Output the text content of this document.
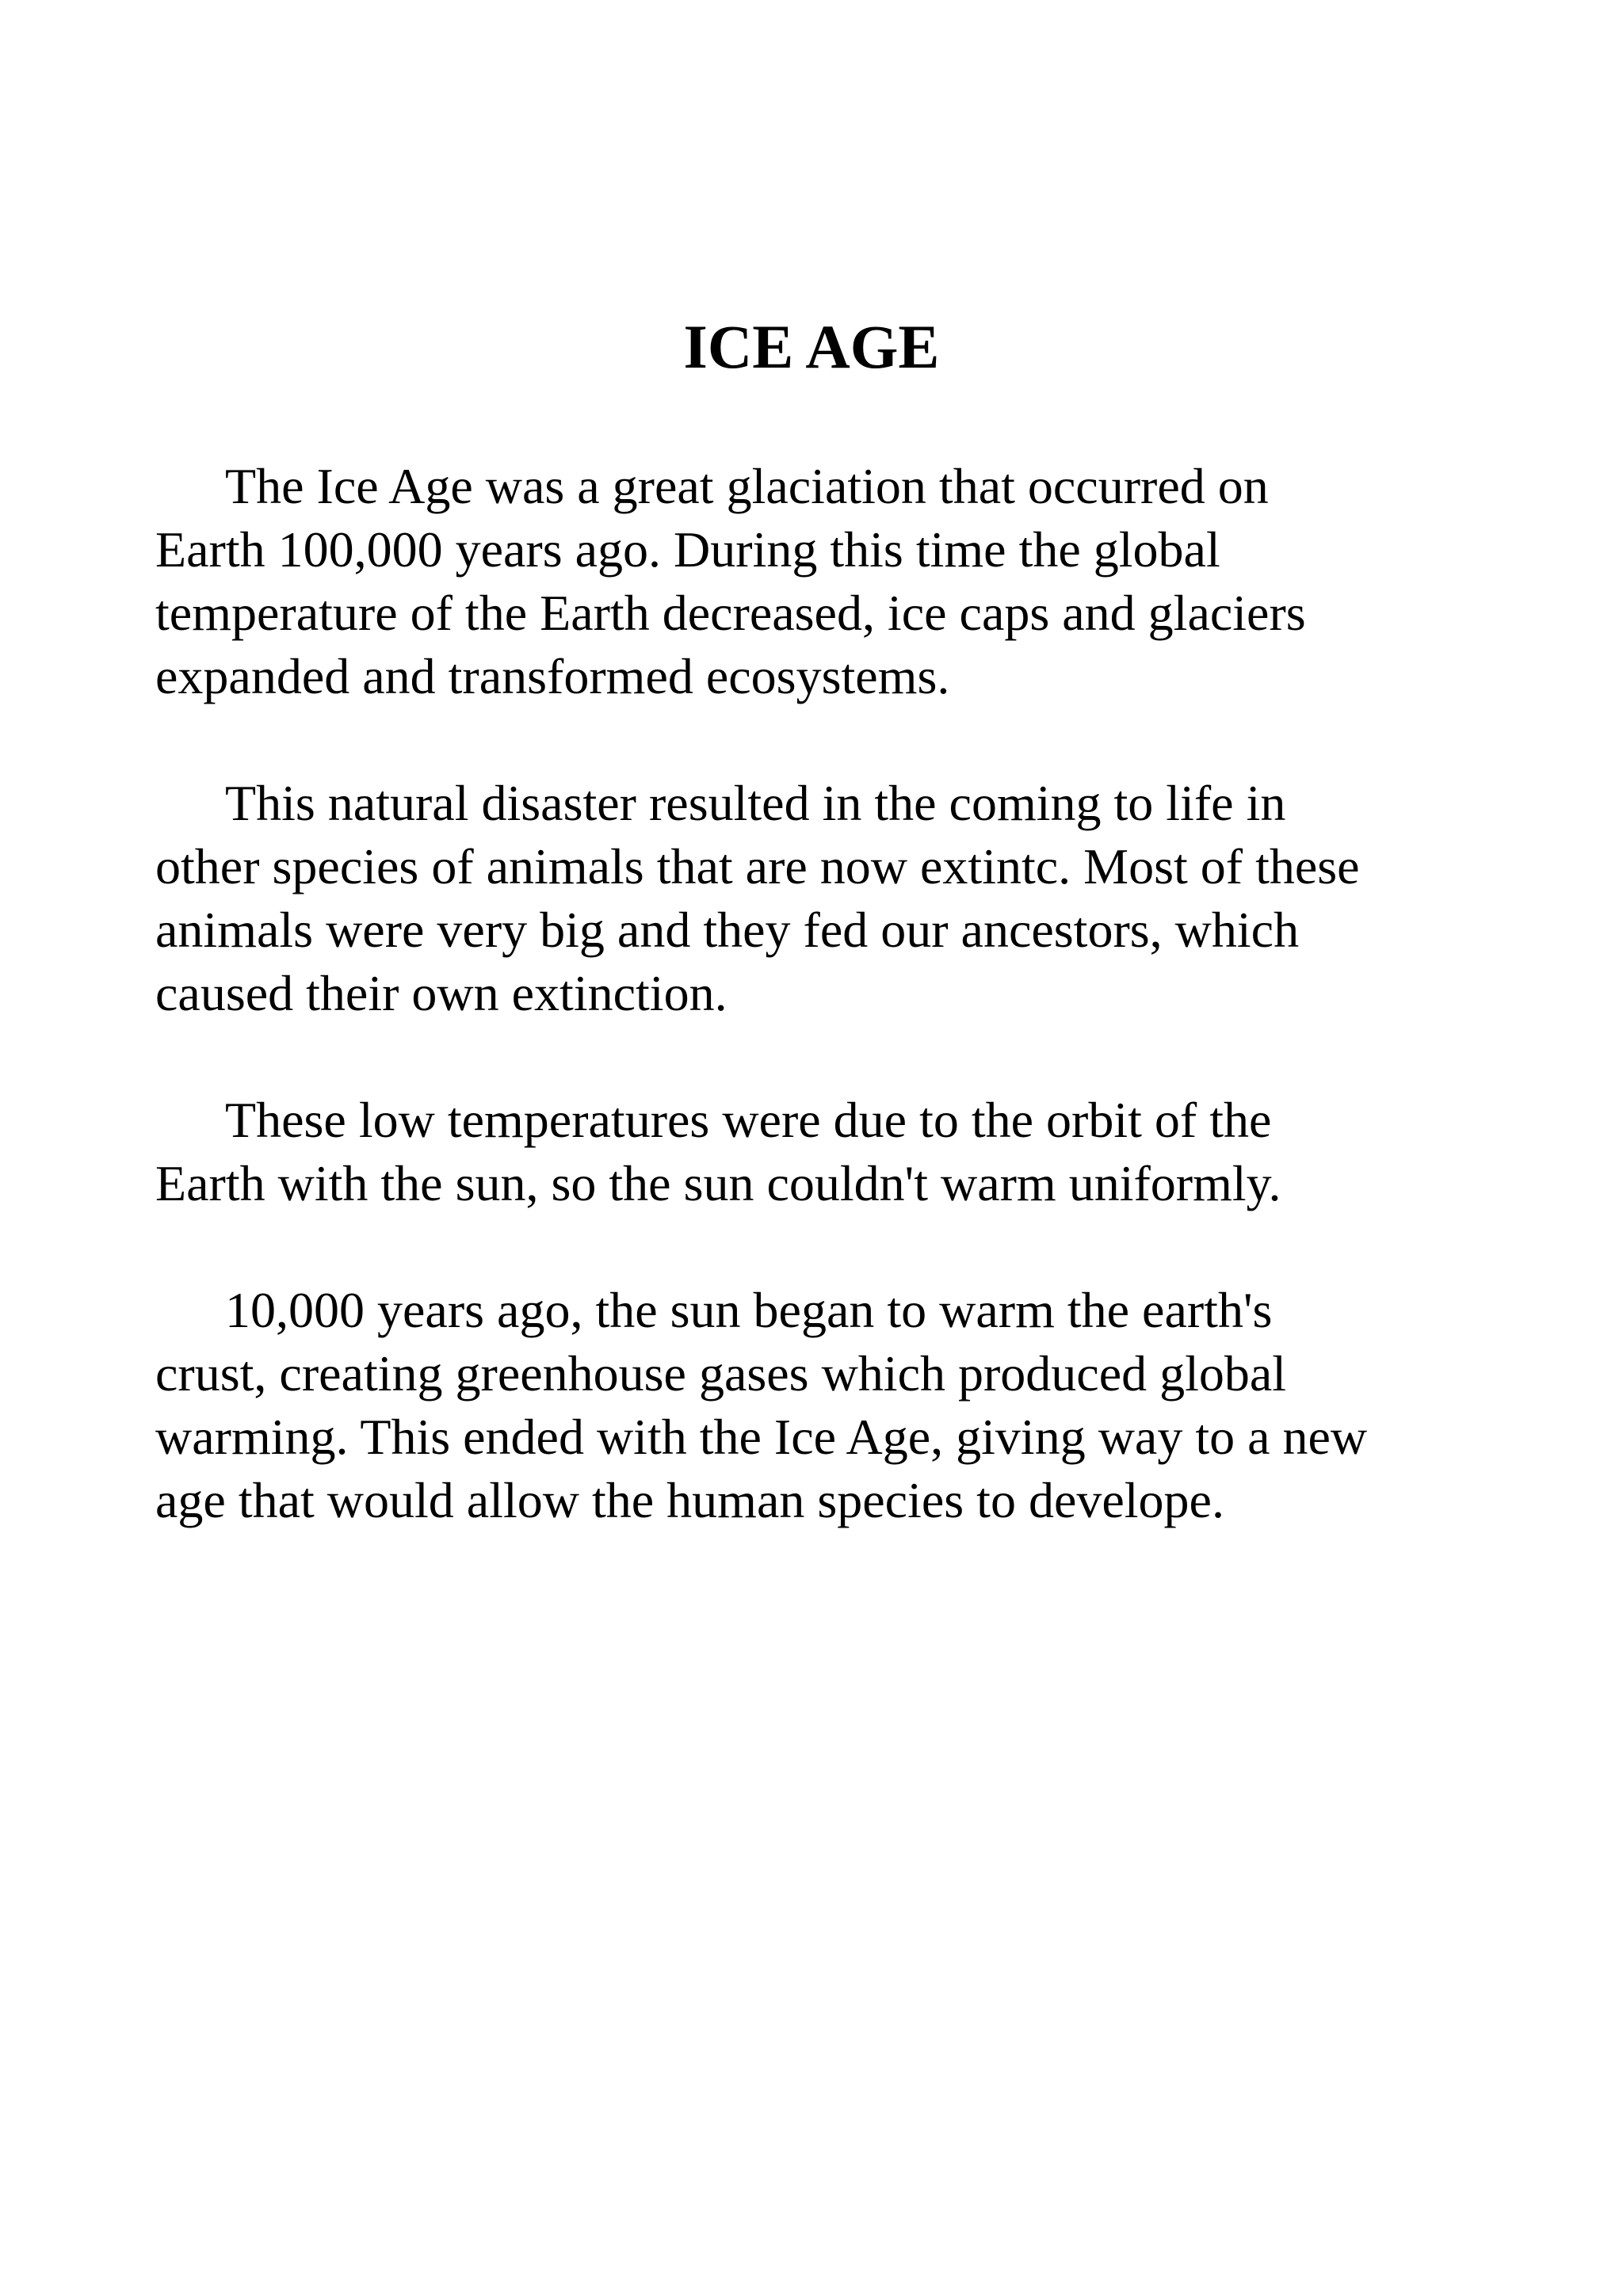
ICE AGE

The Ice Age was a great glaciation that occurred on
Earth 100,000 years ago. During this time the global
temperature of the Earth decreased, ice caps and glaciers
expanded and transformed ecosystems.

This natural disaster resulted in the coming to life in
other species of animals that are now extintc. Most of these
animals were very big and they fed our ancestors, which
caused their own extinction.

These low temperatures were due to the orbit of the
Earth with the sun, so the sun couldn't warm uniformly.

10,000 years ago, the sun began to warm the earth's
crust, creating greenhouse gases which produced global
warming. This ended with the Ice Age, giving way to a new
age that would allow the human species to develope.
